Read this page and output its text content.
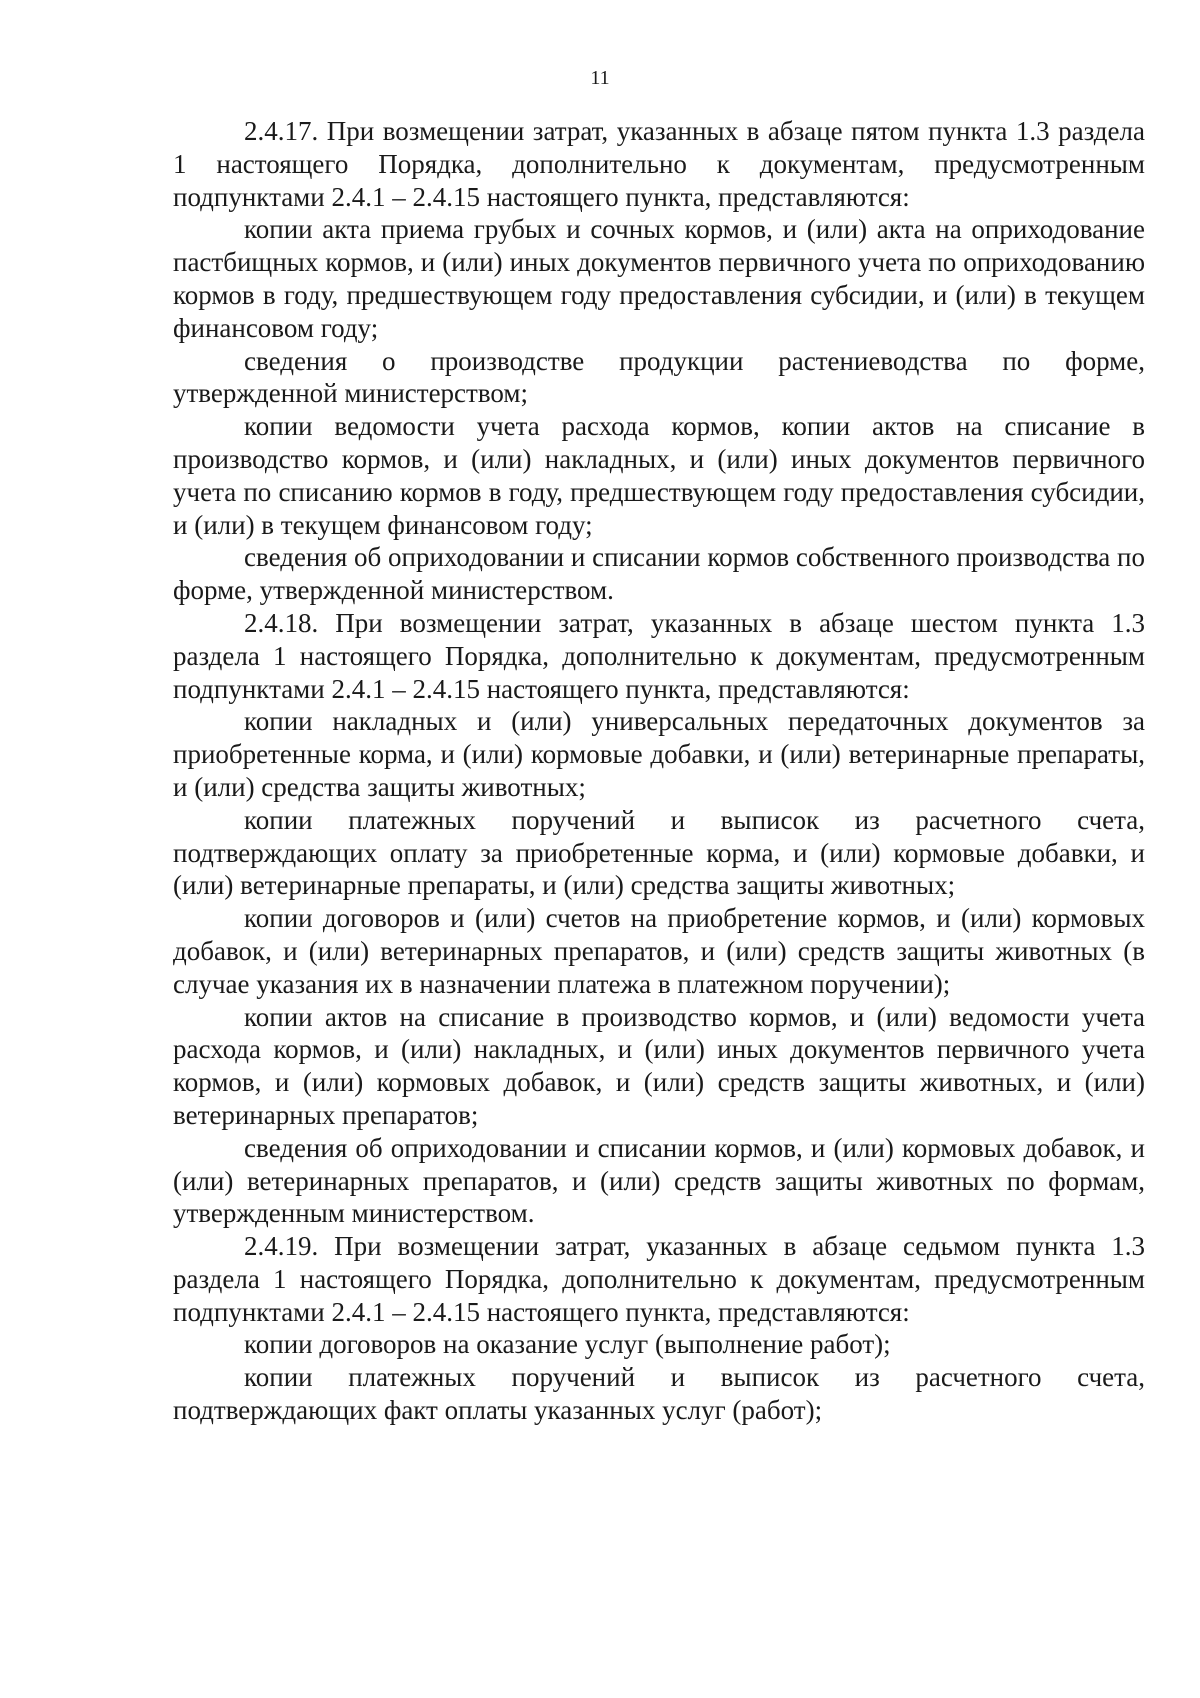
11

2.4.17. При возмещении затрат, указанных в абзаце пятом пункта 1.3 раздела 1 настоящего Порядка, дополнительно к документам, предусмотренным подпунктами 2.4.1 – 2.4.15 настоящего пункта, представляются:

копии акта приема грубых и сочных кормов, и (или) акта на оприходование пастбищных кормов, и (или) иных документов первичного учета по оприходованию кормов в году, предшествующем году предоставления субсидии, и (или) в текущем финансовом году;

сведения о производстве продукции растениеводства по форме, утвержденной министерством;

копии ведомости учета расхода кормов, копии актов на списание в производство кормов, и (или) накладных, и (или) иных документов первичного учета по списанию кормов в году, предшествующем году предоставления субсидии, и (или) в текущем финансовом году;

сведения об оприходовании и списании кормов собственного производства по форме, утвержденной министерством.

2.4.18. При возмещении затрат, указанных в абзаце шестом пункта 1.3 раздела 1 настоящего Порядка, дополнительно к документам, предусмотренным подпунктами 2.4.1 – 2.4.15 настоящего пункта, представляются:

копии накладных и (или) универсальных передаточных документов за приобретенные корма, и (или) кормовые добавки, и (или) ветеринарные препараты, и (или) средства защиты животных;

копии платежных поручений и выписок из расчетного счета, подтверждающих оплату за приобретенные корма, и (или) кормовые добавки, и (или) ветеринарные препараты, и (или) средства защиты животных;

копии договоров и (или) счетов на приобретение кормов, и (или) кормовых добавок, и (или) ветеринарных препаратов, и (или) средств защиты животных (в случае указания их в назначении платежа в платежном поручении);

копии актов на списание в производство кормов, и (или) ведомости учета расхода кормов, и (или) накладных, и (или) иных документов первичного учета кормов, и (или) кормовых добавок, и (или) средств защиты животных, и (или) ветеринарных препаратов;

сведения об оприходовании и списании кормов, и (или) кормовых добавок, и (или) ветеринарных препаратов, и (или) средств защиты животных по формам, утвержденным министерством.

2.4.19. При возмещении затрат, указанных в абзаце седьмом пункта 1.3 раздела 1 настоящего Порядка, дополнительно к документам, предусмотренным подпунктами 2.4.1 – 2.4.15 настоящего пункта, представляются:

копии договоров на оказание услуг (выполнение работ);

копии платежных поручений и выписок из расчетного счета, подтверждающих факт оплаты указанных услуг (работ);
